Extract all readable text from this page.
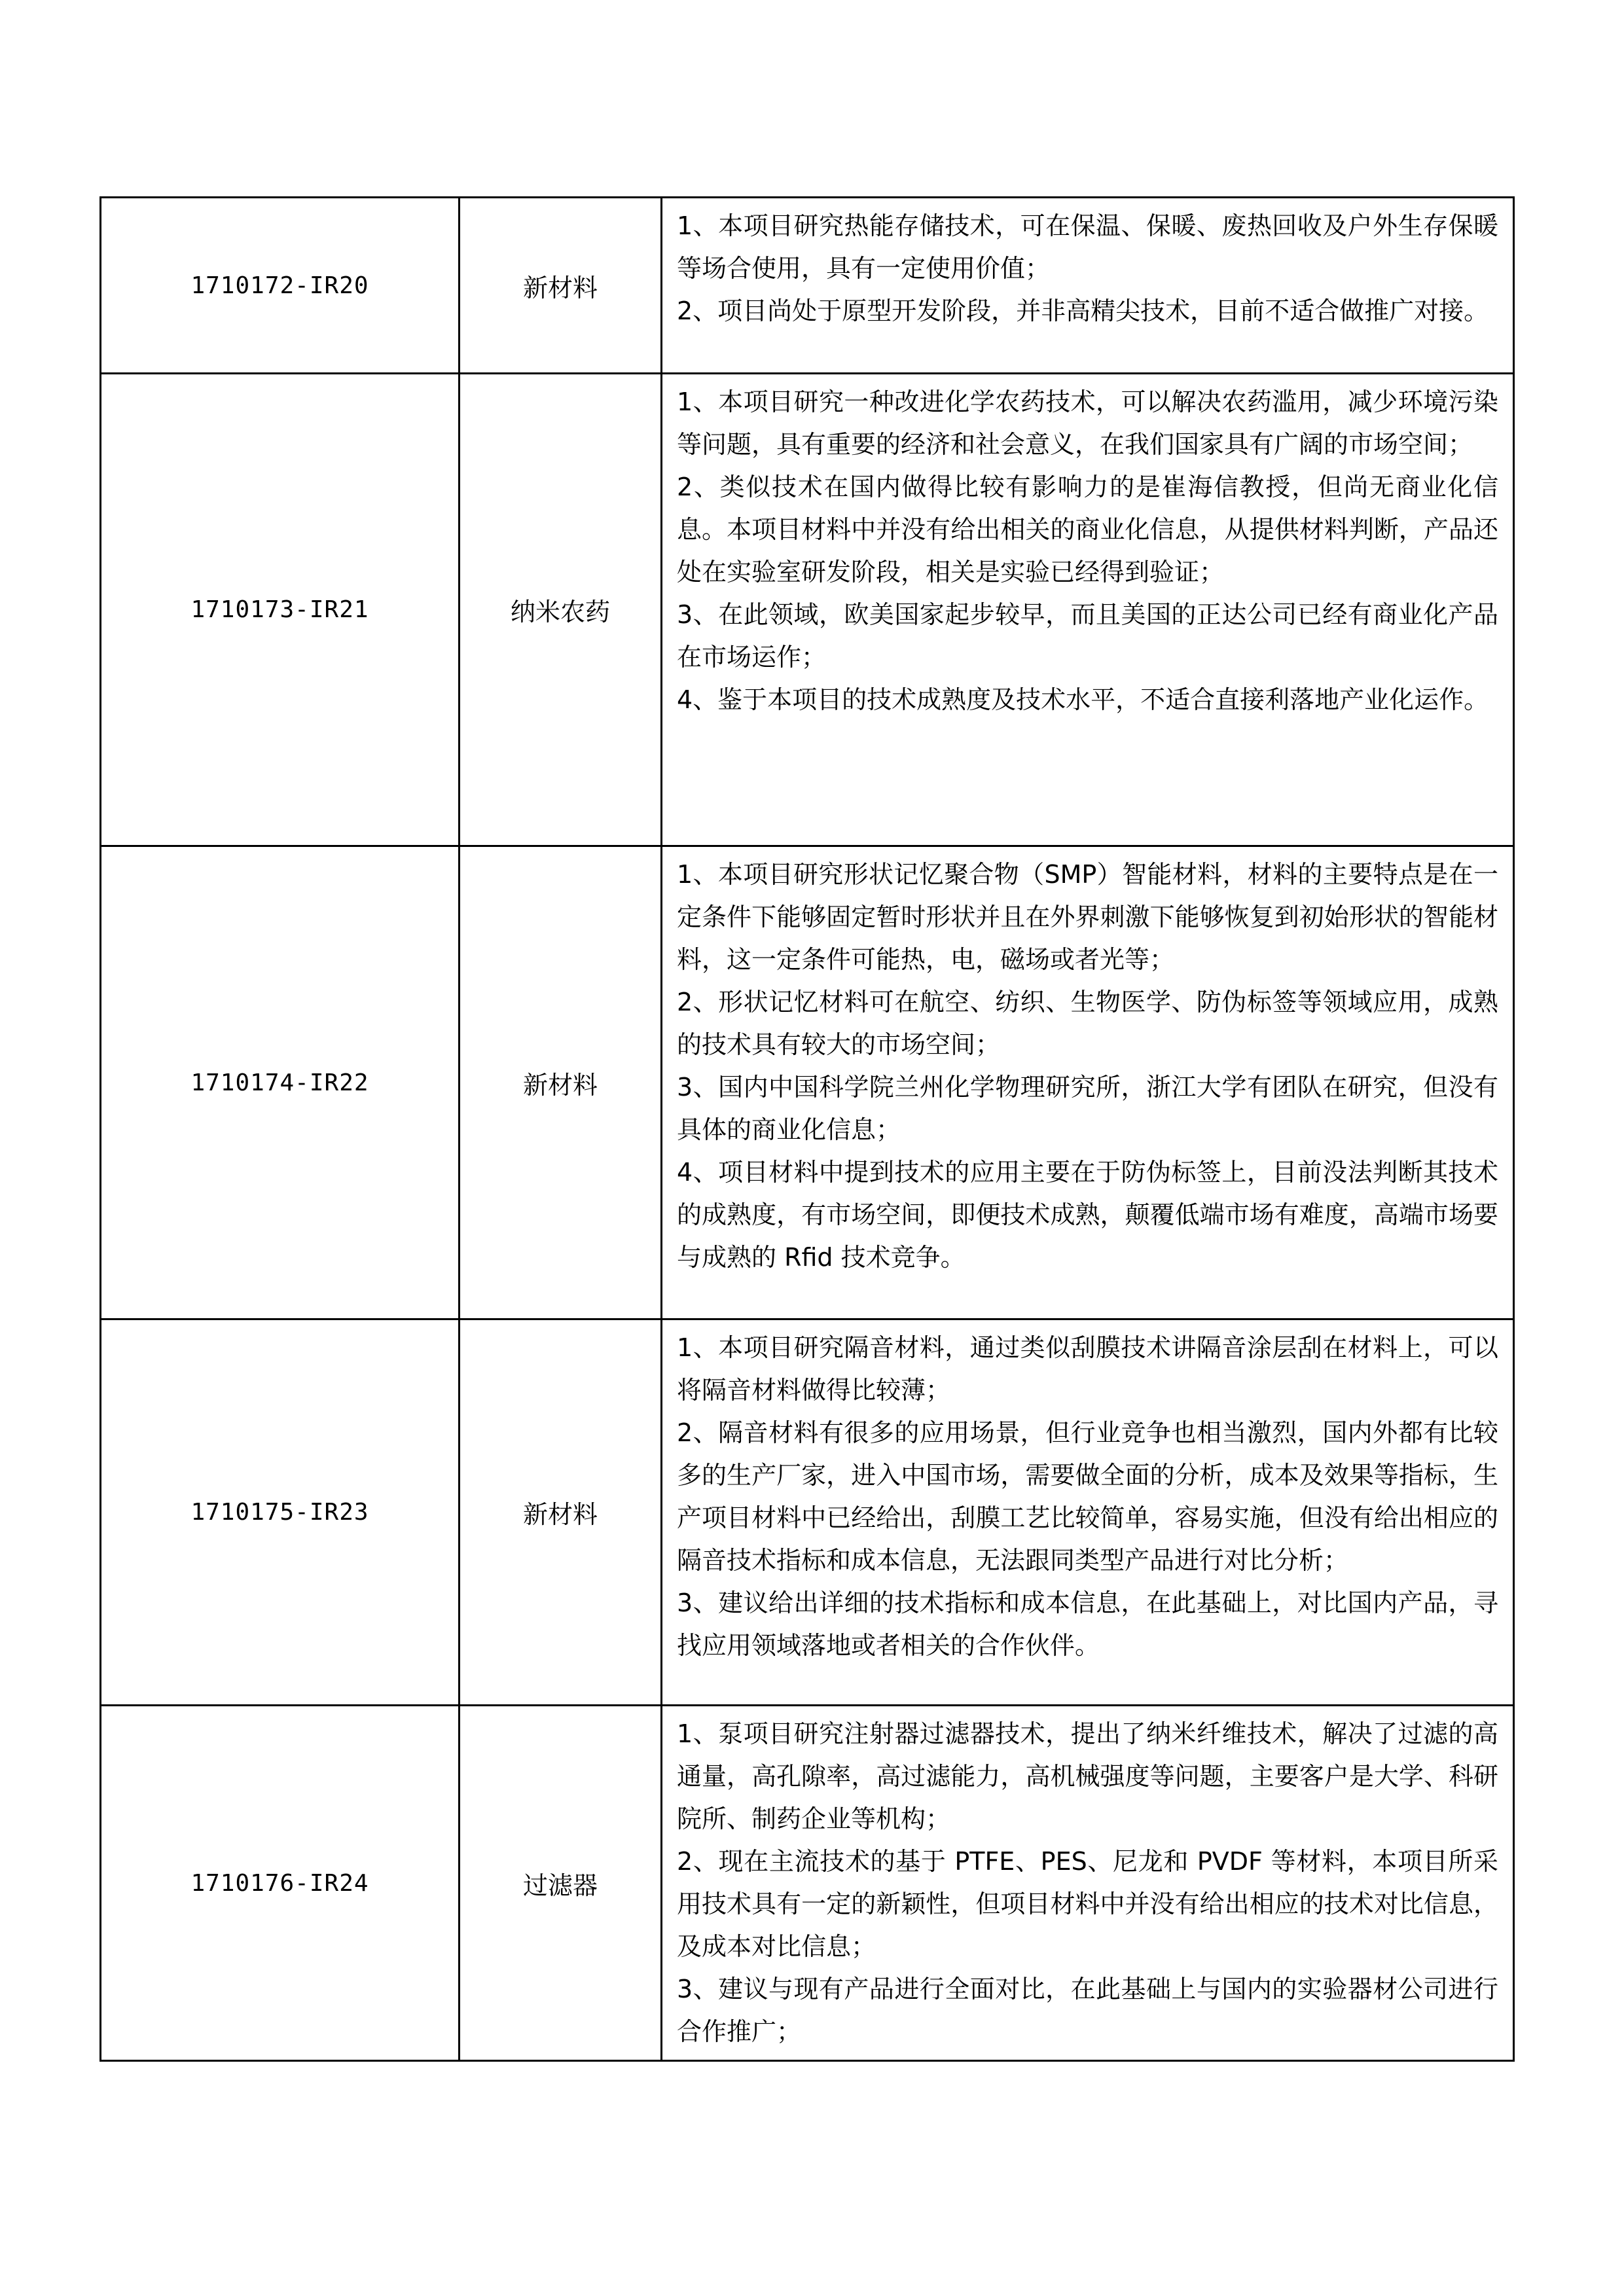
1710172-IR20	新材料	1、本项目研究热能存储技术，可在保温、保暖、废热回收及户外生存保暖等场合使用，具有一定使用价值；

2、项目尚处于原型开发阶段，并非高精尖技术，目前不适合做推广对接。

1710173-IR21	纳米农药	1、本项目研究一种改进化学农药技术，可以解决农药滥用，减少环境污染等问题，具有重要的经济和社会意义，在我们国家具有广阔的市场空间；

2、类似技术在国内做得比较有影响力的是崔海信教授，但尚无商业化信息。本项目材料中并没有给出相关的商业化信息，从提供材料判断，产品还处在实验室研发阶段，相关是实验已经得到验证；

3、在此领域，欧美国家起步较早，而且美国的正达公司已经有商业化产品在市场运作；

4、鉴于本项目的技术成熟度及技术水平，不适合直接利落地产业化运作。

1710174-IR22	新材料	1、本项目研究形状记忆聚合物（SMP）智能材料，材料的主要特点是在一定条件下能够固定暂时形状并且在外界刺激下能够恢复到初始形状的智能材料，这一定条件可能热，电，磁场或者光等；

2、形状记忆材料可在航空、纺织、生物医学、防伪标签等领域应用，成熟的技术具有较大的市场空间；

3、国内中国科学院兰州化学物理研究所，浙江大学有团队在研究，但没有具体的商业化信息；

4、项目材料中提到技术的应用主要在于防伪标签上，目前没法判断其技术的成熟度，有市场空间，即便技术成熟，颠覆低端市场有难度，高端市场要与成熟的 Rfid 技术竞争。

1710175-IR23	新材料	1、本项目研究隔音材料，通过类似刮膜技术讲隔音涂层刮在材料上，可以将隔音材料做得比较薄；

2、隔音材料有很多的应用场景，但行业竞争也相当激烈，国内外都有比较多的生产厂家，进入中国市场，需要做全面的分析，成本及效果等指标，生产项目材料中已经给出，刮膜工艺比较简单，容易实施，但没有给出相应的隔音技术指标和成本信息，无法跟同类型产品进行对比分析；

3、建议给出详细的技术指标和成本信息，在此基础上，对比国内产品，寻找应用领域落地或者相关的合作伙伴。

1710176-IR24	过滤器	1、泵项目研究注射器过滤器技术，提出了纳米纤维技术，解决了过滤的高通量，高孔隙率，高过滤能力，高机械强度等问题，主要客户是大学、科研院所、制药企业等机构；

2、现在主流技术的基于 PTFE、PES、尼龙和 PVDF 等材料，本项目所采用技术具有一定的新颖性，但项目材料中并没有给出相应的技术对比信息，及成本对比信息；

3、建议与现有产品进行全面对比，在此基础上与国内的实验器材公司进行合作推广；
